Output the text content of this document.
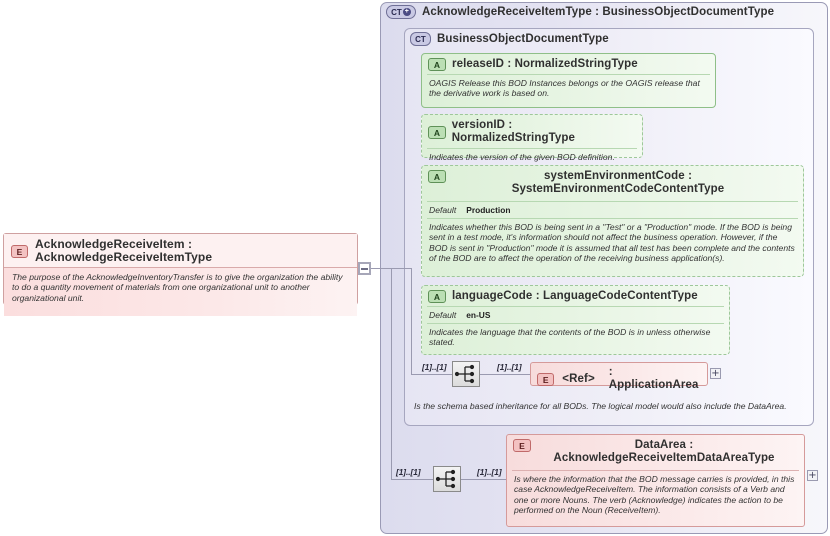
CT + AcknowledgeReceiveItemType : BusinessObjectDocumentType
CT BusinessObjectDocumentType
A	releaseID : NormalizedStringType
OAGIS Release this BOD Instances belongs or the OAGIS release that the derivative work is based on.
A
versionID : NormalizedStringType
Indicates the version of the given BOD definition.
A	systemEnvironmentCode : SystemEnvironmentCodeContentType
Default Production
Indicates whether this BOD is being sent in a "Test" or a "Production" mode. If the BOD is being sent in a test mode, it's information should not affect the business operation. However, if the BOD is sent in "Production" mode it is assumed that all test has been complete and the contents of the BOD are to affect the operation of the receiving business application(s).
A	languageCode : LanguageCodeContentType
Default en-US
Indicates the language that the contents of the BOD is in unless otherwise stated.
[1]..[1]	[1]..[1]
E	<Ref>
: ApplicationArea
+
Is the schema based inheritance for all BODs. The logical model would also include the DataArea.
[1]..[1]	[1]..[1]
E	DataArea : AcknowledgeReceiveItemDataAreaType
Is where the information that the BOD message carries is provided, in this case AcknowledgeReceiveItem. The information consists of a Verb and one or more Nouns. The verb (Acknowledge) indicates the action to be performed on the Noun (ReceiveItem).
+
E
AcknowledgeReceiveItem : AcknowledgeReceiveItemType
The purpose of the AcknowledgeInventoryTransfer is to give the organization the ability to do a quantity movement of materials from one organizational unit to another organizational unit.
